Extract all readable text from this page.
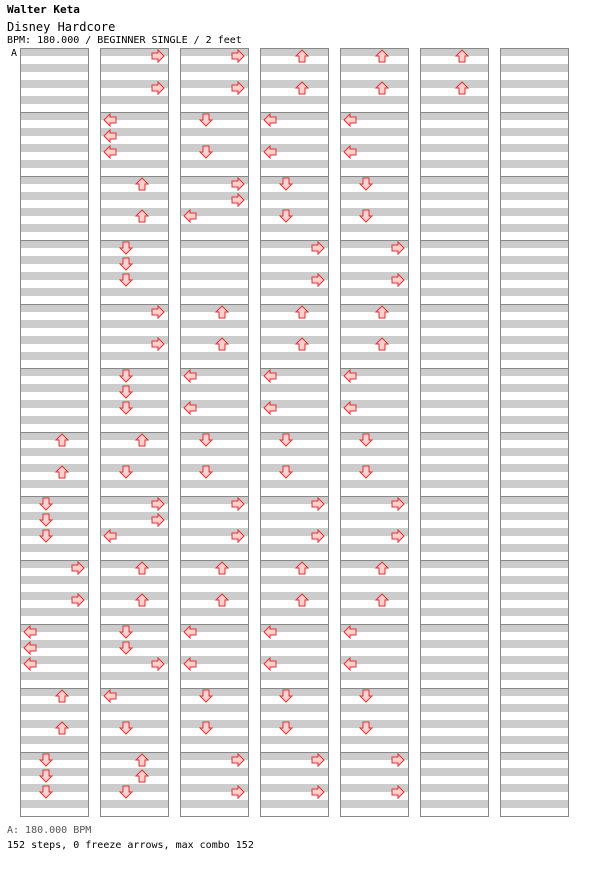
Walter Keta
Disney Hardcore
BPM: 180.000 / BEGINNER SINGLE / 2 feet
A
A: 180.000 BPM
152 steps, 0 freeze arrows, max combo 152
